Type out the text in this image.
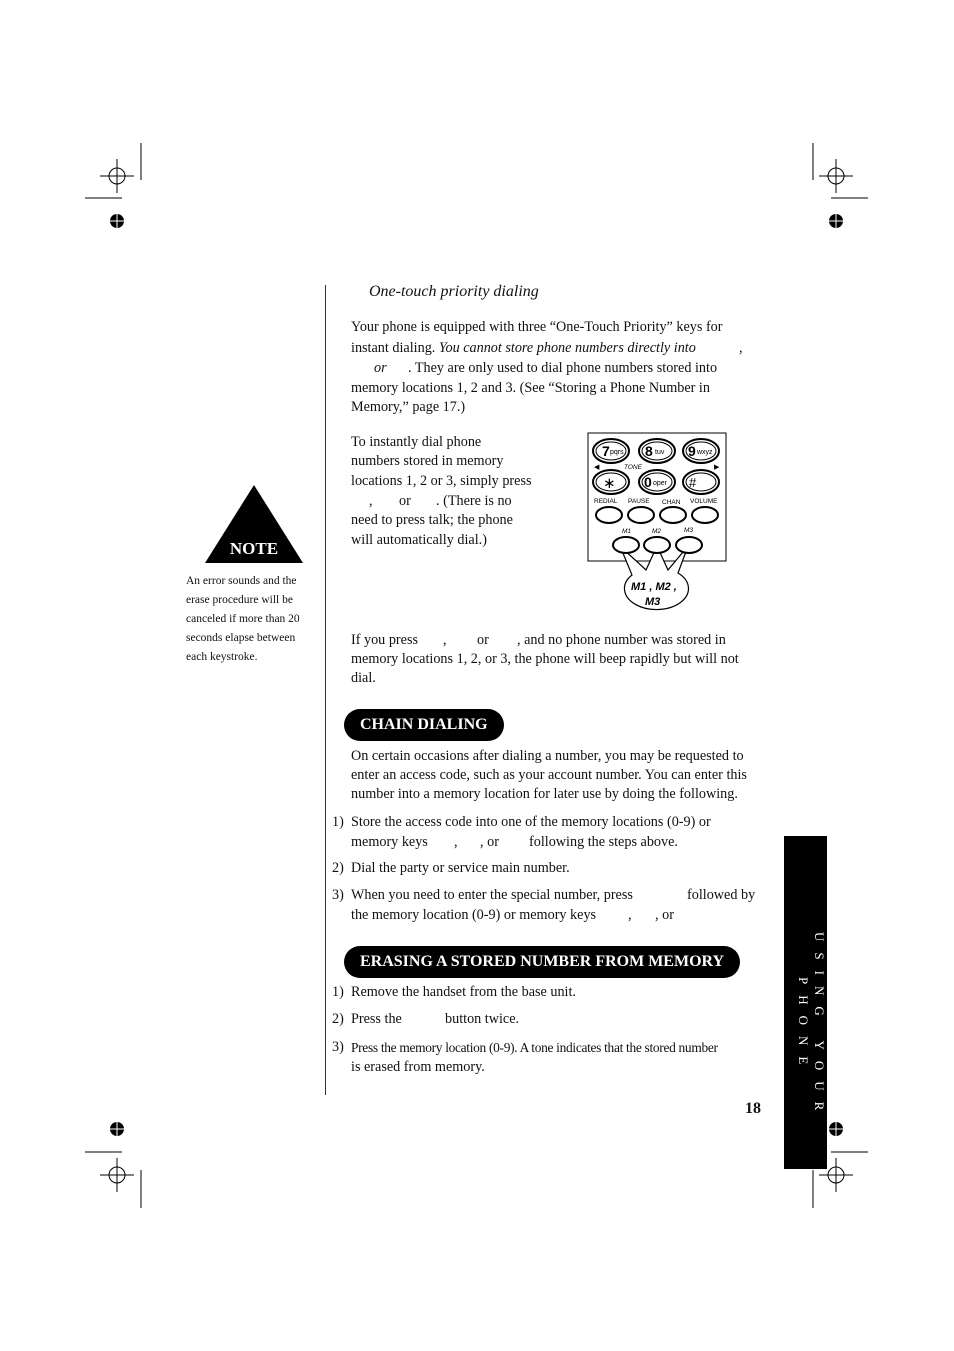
One-touch priority dialing
Your phone is equipped with three “One-Touch Priority” keys for
instant dialing. You cannot store phone numbers directly into	,
or . They are only used to dial phone numbers stored into
memory locations 1, 2 and 3. (See “Storing a Phone Number in
Memory,” page 17.)
To instantly dial phone
numbers stored in memory
locations 1, 2 or 3, simply press
, or . (There is no
need to press talk; the phone
will automatically dial.)
7 pqrs 8 tuv 9 wxyz
◀	TONE	▶
∗ 0 oper #
REDIAL PAUSE CHAN VOLUME
M1	M2	M3
M1 , M2 ,
M3
If you press , or , and no phone number was stored in
memory locations 1, 2, or 3, the phone will beep rapidly but will not
dial.
CHAIN DIALING
On certain occasions after dialing a number, you may be requested to
enter an access code, such as your account number. You can enter this
number into a memory location for later use by doing the following.
1) Store the access code into one of the memory locations (0-9) or
memory keys , , or following the steps above.
2) Dial the party or service main number.
3) When you need to enter the special number, press	followed by
the memory location (0-9) or memory keys , , or
ERASING A STORED NUMBER FROM MEMORY
1) Remove the handset from the base unit.
2) Press the	button twice.
3) Press the memory location (0-9). A tone indicates that the stored number
is erased from memory.
NOTE
An error sounds and the
erase procedure will be
canceled if more than 20
seconds elapse between
each keystroke.
USING YOUR PHONE
18
